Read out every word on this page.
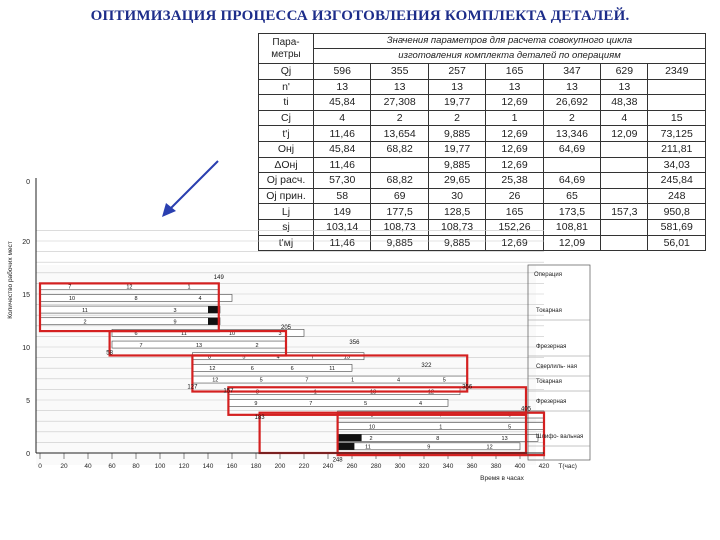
ОПТИМИЗАЦИЯ ПРОЦЕССА ИЗГОТОВЛЕНИЯ КОМПЛЕКТА ДЕТАЛЕЙ.
Пара- метры	Значения параметров для расчета совокупного цикла						
	изготовления комплекта деталей по операциям						
Qj	596	355	257	165	347	629	2349
n'	13	13	13	13	13	13	
ti	45,84	27,308	19,77	12,69	26,692	48,38	
Cj	4	2	2	1	2	4	15
t'j	11,46	13,654	9,885	12,69	13,346	12,09	73,125
Онj	45,84	68,82	19,77	12,69	64,69		211,81
ΔОнj	11,46		9,885	12,69			34,03
Oj расч.	57,30	68,82	29,65	25,38	64,69		245,84
Oj прин.	58	69	30	26	65		248
Lj	149	177,5	128,5	165	173,5	157,3	950,8
sj	103,14	108,73	108,73	152,26	108,81		581,69
t'мj	11,46	9,885	9,885	12,69	12,09		56,01
7	12	1
10	8	4
11	3
2	9
6	11	10	3
7	13	2
8	5	4	7	13
12	6	6	11
12	5	7	1	4	5
8	1	13	12
9	7	5	4
3	7	6
10	1	5
2	8	13
11	9	12
149
205
356
58
322
127	356
157
405
183
248
0
5
10
15
20
0
Количество рабочих мест
0	20	40	60	80 100 120 140 160 180 200 220 240 260 280 300 320 340 360 380 400 420 T(час)
Время в часах
Операция
Токарная
Фрезерная
Сверлиль- ная
Токарная
Фрезерная
Шлифо- вальная
